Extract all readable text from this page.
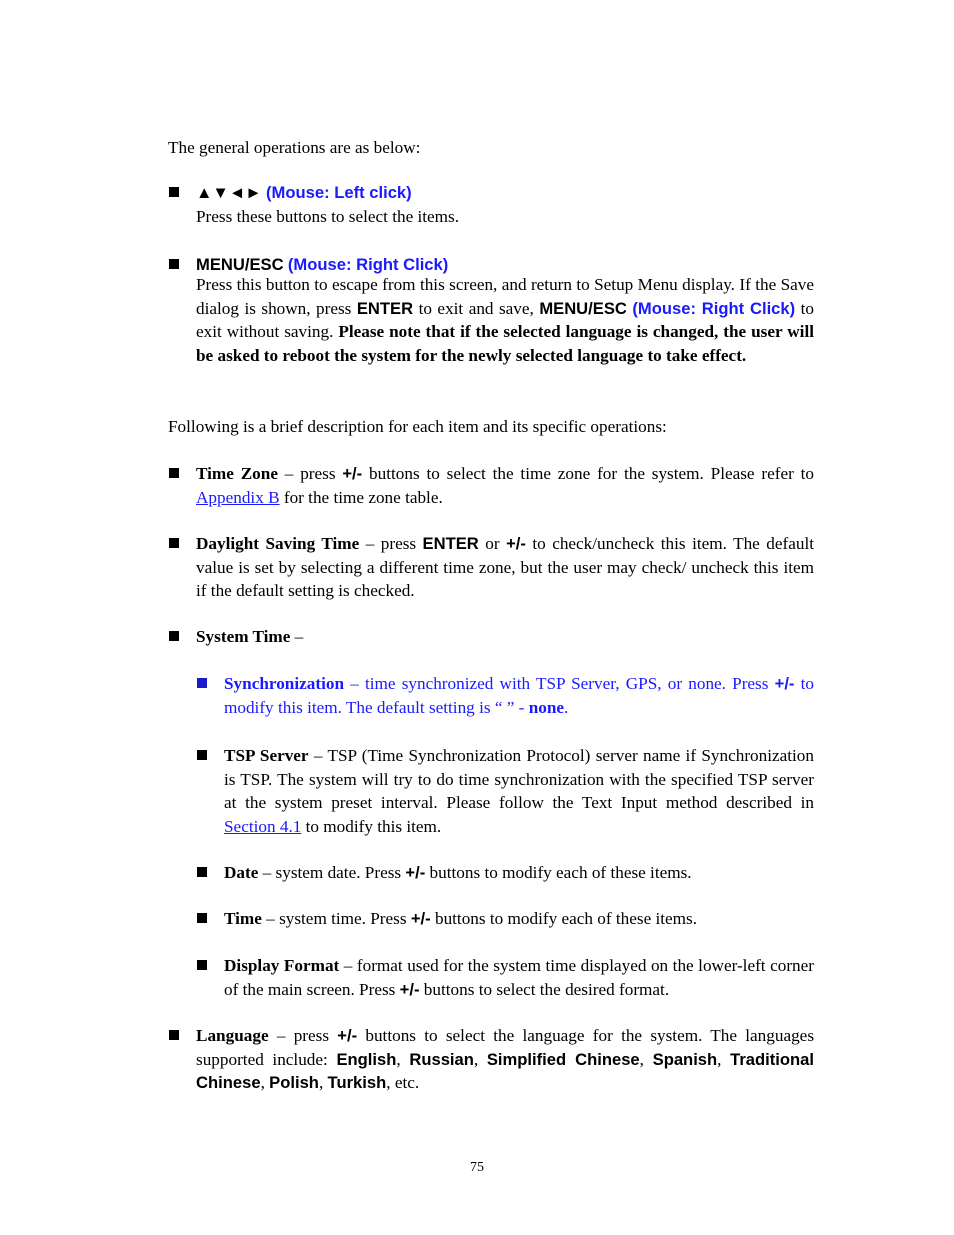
The general operations are as below:

▲▼◄► (Mouse: Left click)
Press these buttons to select the items.

MENU/ESC (Mouse: Right Click)

Press this button to escape from this screen, and return to Setup Menu display. If the Save dialog is shown, press ENTER to exit and save, MENU/ESC (Mouse: Right Click) to exit without saving. Please note that if the selected language is changed, the user will be asked to reboot the system for the newly selected language to take effect.

Following is a brief description for each item and its specific operations:

Time Zone – press +/- buttons to select the time zone for the system. Please refer to Appendix B for the time zone table.

Daylight Saving Time – press ENTER or +/- to check/uncheck this item. The default value is set by selecting a different time zone, but the user may check/ uncheck this item if the default setting is checked.

System Time –

Synchronization – time synchronized with TSP Server, GPS, or none. Press +/- to modify this item. The default setting is “ ” - none.

TSP Server – TSP (Time Synchronization Protocol) server name if Synchronization is TSP. The system will try to do time synchronization with the specified TSP server at the system preset interval. Please follow the Text Input method described in Section 4.1 to modify this item.

Date – system date. Press +/- buttons to modify each of these items.

Time – system time. Press +/- buttons to modify each of these items.

Display Format – format used for the system time displayed on the lower-left corner of the main screen. Press +/- buttons to select the desired format.

Language – press +/- buttons to select the language for the system. The languages supported include: English, Russian, Simplified Chinese, Spanish, Traditional Chinese, Polish, Turkish, etc.

75
